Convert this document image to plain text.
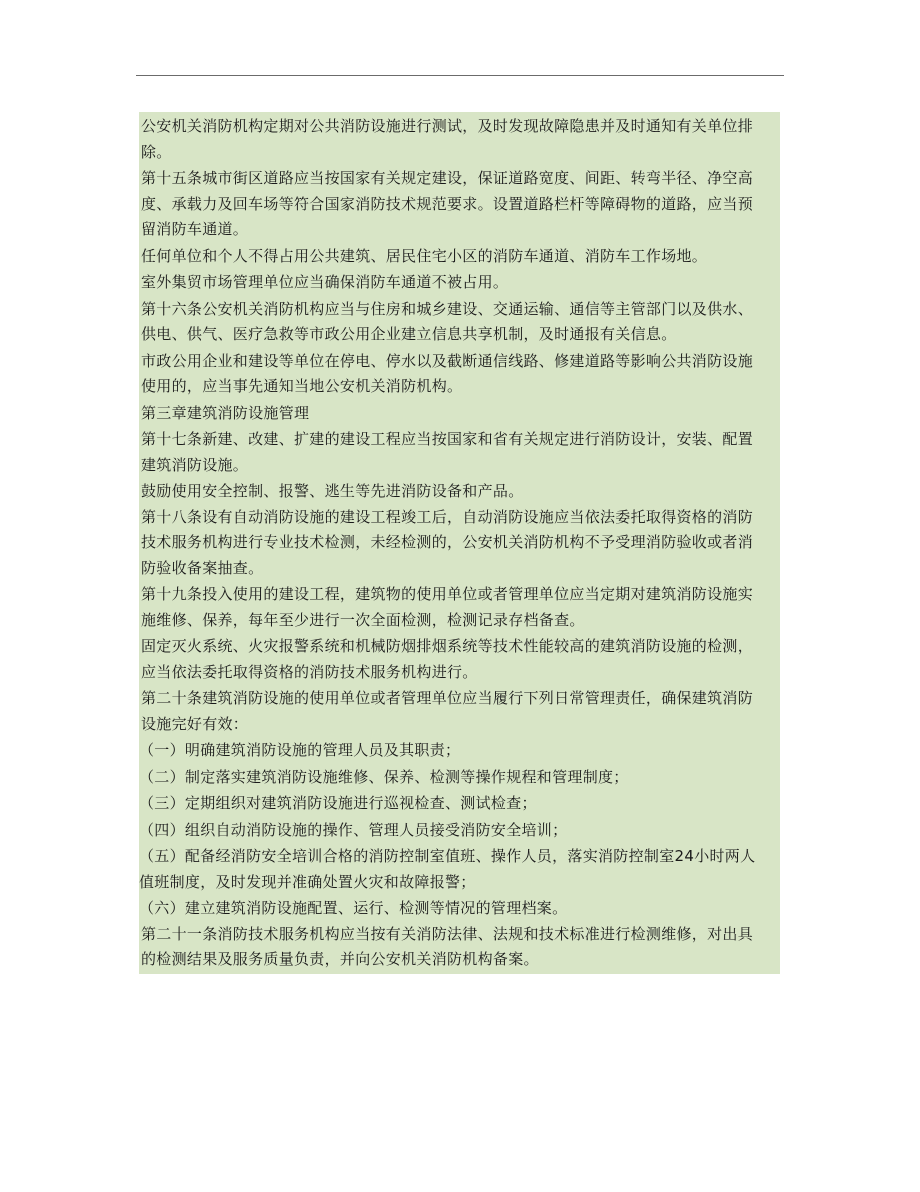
公安机关消防机构定期对公共消防设施进行测试，及时发现故障隐患并及时通知有关单位排除。

第十五条城市街区道路应当按国家有关规定建设，保证道路宽度、间距、转弯半径、净空高度、承载力及回车场等符合国家消防技术规范要求。设置道路栏杆等障碍物的道路，应当预留消防车通道。

任何单位和个人不得占用公共建筑、居民住宅小区的消防车通道、消防车工作场地。

室外集贸市场管理单位应当确保消防车通道不被占用。

第十六条公安机关消防机构应当与住房和城乡建设、交通运输、通信等主管部门以及供水、供电、供气、医疗急救等市政公用企业建立信息共享机制，及时通报有关信息。

市政公用企业和建设等单位在停电、停水以及截断通信线路、修建道路等影响公共消防设施使用的，应当事先通知当地公安机关消防机构。

第三章建筑消防设施管理

第十七条新建、改建、扩建的建设工程应当按国家和省有关规定进行消防设计，安装、配置建筑消防设施。

鼓励使用安全控制、报警、逃生等先进消防设备和产品。

第十八条设有自动消防设施的建设工程竣工后，自动消防设施应当依法委托取得资格的消防技术服务机构进行专业技术检测，未经检测的，公安机关消防机构不予受理消防验收或者消防验收备案抽查。

第十九条投入使用的建设工程，建筑物的使用单位或者管理单位应当定期对建筑消防设施实施维修、保养，每年至少进行一次全面检测，检测记录存档备查。

固定灭火系统、火灾报警系统和机械防烟排烟系统等技术性能较高的建筑消防设施的检测，应当依法委托取得资格的消防技术服务机构进行。

第二十条建筑消防设施的使用单位或者管理单位应当履行下列日常管理责任，确保建筑消防设施完好有效：

（一）明确建筑消防设施的管理人员及其职责；

（二）制定落实建筑消防设施维修、保养、检测等操作规程和管理制度；

（三）定期组织对建筑消防设施进行巡视检查、测试检查；

（四）组织自动消防设施的操作、管理人员接受消防安全培训；

（五）配备经消防安全培训合格的消防控制室值班、操作人员，落实消防控制室24小时两人值班制度，及时发现并准确处置火灾和故障报警；

（六）建立建筑消防设施配置、运行、检测等情况的管理档案。

第二十一条消防技术服务机构应当按有关消防法律、法规和技术标准进行检测维修，对出具的检测结果及服务质量负责，并向公安机关消防机构备案。
